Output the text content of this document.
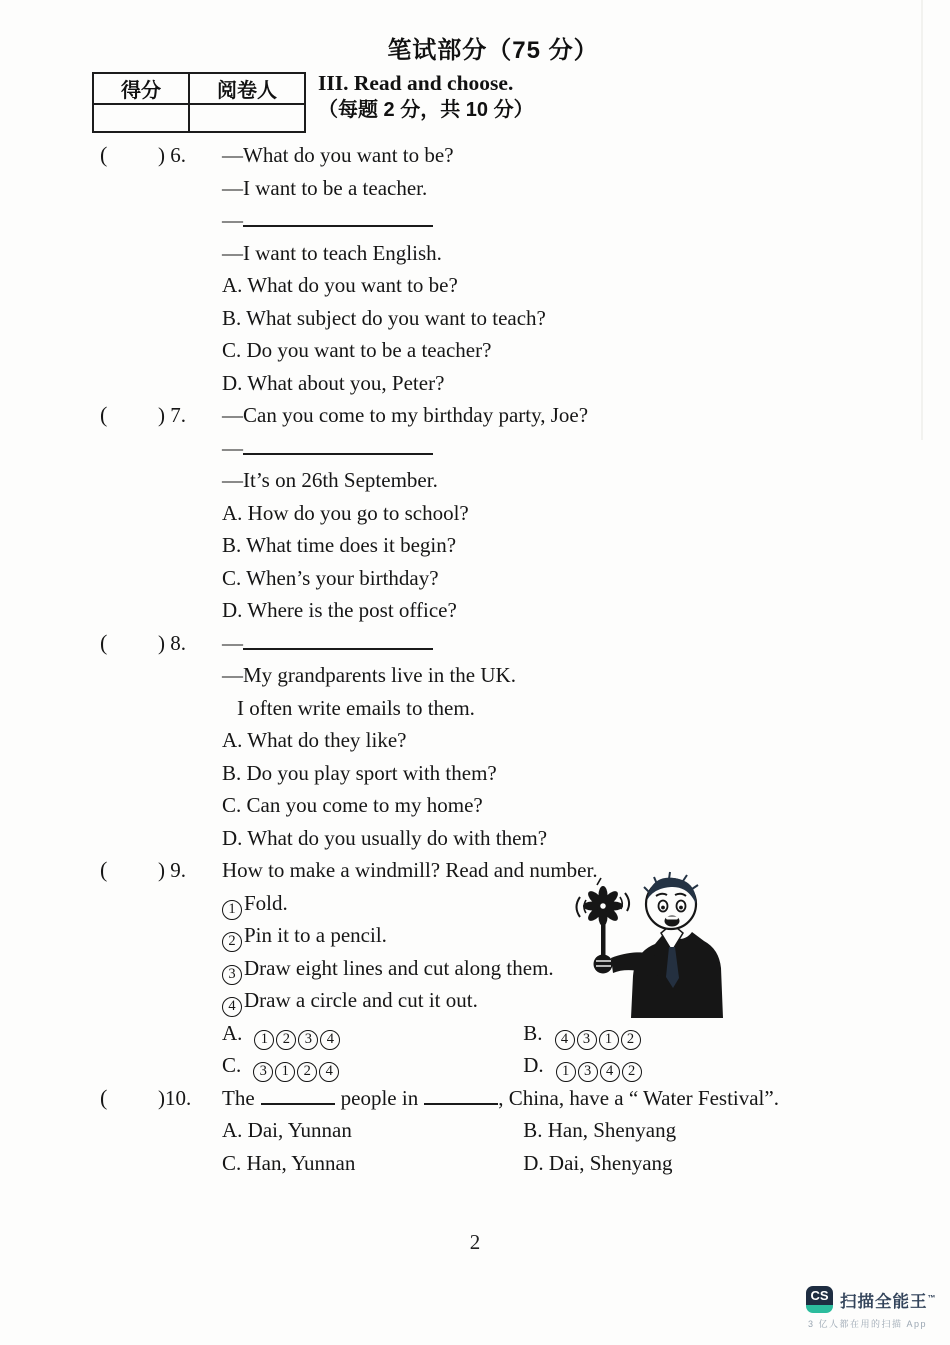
笔试部分（75 分）
得分	阅卷人
	III. Read and choose.
（每题 2 分，共 10 分）
( ) 6. —What do you want to be?
—I want to be a teacher.
—
—I want to teach English.
A. What do you want to be?
B. What subject do you want to teach?
C. Do you want to be a teacher?
D. What about you, Peter?
( ) 7. —Can you come to my birthday party, Joe?
—
—It’s on 26th September.
A. How do you go to school?
B. What time does it begin?
C. When’s your birthday?
D. Where is the post office?
( ) 8. —
—My grandparents live in the UK.
I often write emails to them.
A. What do they like?
B. Do you play sport with them?
C. Can you come to my home?
D. What do you usually do with them?
( ) 9. How to make a windmill? Read and number.
1 Fold.
2 Pin it to a pencil.
3 Draw eight lines and cut along them.
4 Draw a circle and cut it out.
A. 1 2 3 4	B. 4 3 1 2
C. 3 1 2 4	D. 1 3 4 2
( )10. The	people in	, China, have a “ Water Festival”.
A. Dai, Yunnan	B. Han, Shenyang
C. Han, Yunnan	D. Dai, Shenyang
2
CS 扫描全能王™
3 亿人都在用的扫描 App
